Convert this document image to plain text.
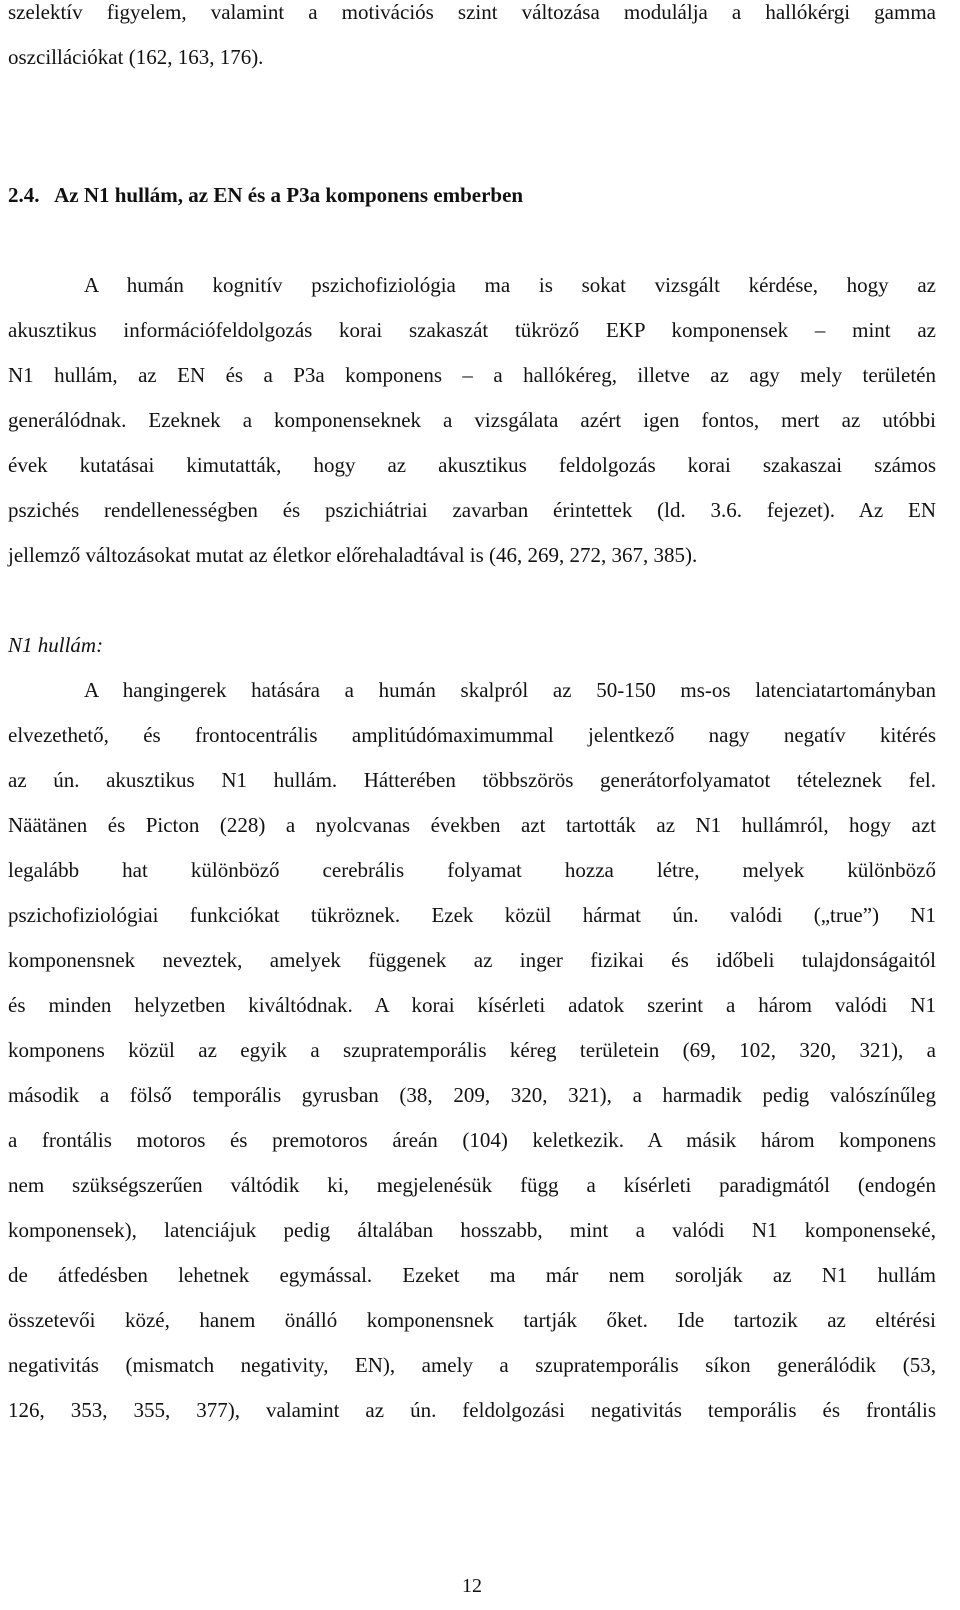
szelektív figyelem, valamint a motivációs szint változása modulálja a hallókérgi gamma
oszcillációkat (162, 163, 176).
2.4. Az N1 hullám, az EN és a P3a komponens emberben
A humán kognitív pszichofiziológia ma is sokat vizsgált kérdése, hogy az
akusztikus információfeldolgozás korai szakaszát tükröző EKP komponensek – mint az
N1 hullám, az EN és a P3a komponens – a hallókéreg, illetve az agy mely területén
generálódnak. Ezeknek a komponenseknek a vizsgálata azért igen fontos, mert az utóbbi
évek kutatásai kimutatták, hogy az akusztikus feldolgozás korai szakaszai számos
pszichés rendellenességben és pszichiátriai zavarban érintettek (ld. 3.6. fejezet). Az EN
jellemző változásokat mutat az életkor előrehaladtával is (46, 269, 272, 367, 385).
N1 hullám:
A hangingerek hatására a humán skalpról az 50-150 ms-os latenciatartományban
elvezethető, és frontocentrális amplitúdómaximummal jelentkező nagy negatív kitérés
az ún. akusztikus N1 hullám. Hátterében többszörös generátorfolyamatot tételeznek fel.
Näätänen és Picton (228) a nyolcvanas években azt tartották az N1 hullámról, hogy azt
legalább hat különböző cerebrális folyamat hozza létre, melyek különböző
pszichofiziológiai funkciókat tükröznek. Ezek közül hármat ún. valódi („true”) N1
komponensnek neveztek, amelyek függenek az inger fizikai és időbeli tulajdonságaitól
és minden helyzetben kiváltódnak. A korai kísérleti adatok szerint a három valódi N1
komponens közül az egyik a szupratemporális kéreg területein (69, 102, 320, 321), a
második a fölső temporális gyrusban (38, 209, 320, 321), a harmadik pedig valószínűleg
a frontális motoros és premotoros áreán (104) keletkezik. A másik három komponens
nem szükségszerűen váltódik ki, megjelenésük függ a kísérleti paradigmától (endogén
komponensek), latenciájuk pedig általában hosszabb, mint a valódi N1 komponenseké,
de átfedésben lehetnek egymással. Ezeket ma már nem sorolják az N1 hullám
összetevői közé, hanem önálló komponensnek tartják őket. Ide tartozik az eltérési
negativitás (mismatch negativity, EN), amely a szupratemporális síkon generálódik (53,
126, 353, 355, 377), valamint az ún. feldolgozási negativitás temporális és frontális
12
